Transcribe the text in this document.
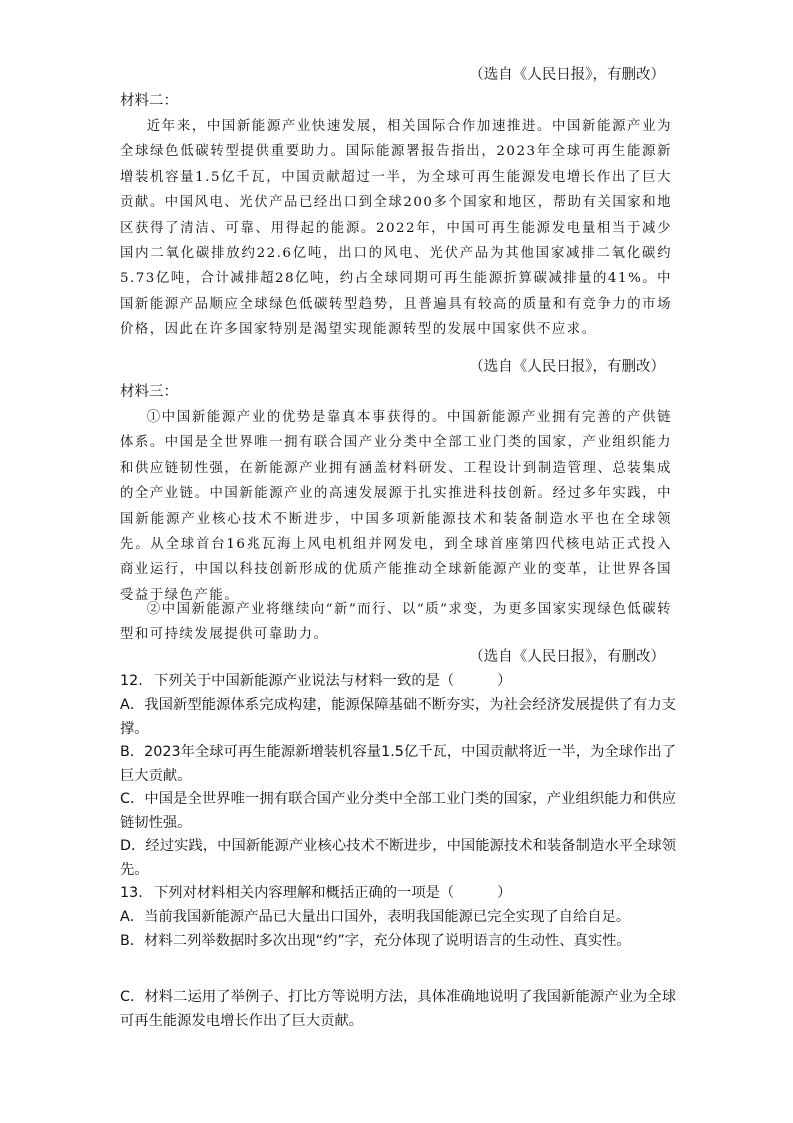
（选自《人民日报》，有删改）
材料二：

近年来，中国新能源产业快速发展，相关国际合作加速推进。中国新能源产业为全球绿色低碳转型提供重要助力。国际能源署报告指出，2023年全球可再生能源新增装机容量1.5亿千瓦，中国贡献超过一半，为全球可再生能源发电增长作出了巨大贡献。中国风电、光伏产品已经出口到全球200多个国家和地区，帮助有关国家和地区获得了清洁、可靠、用得起的能源。2022年，中国可再生能源发电量相当于减少国内二氧化碳排放约22.6亿吨，出口的风电、光伏产品为其他国家减排二氧化碳约5.73亿吨，合计减排超28亿吨，约占全球同期可再生能源折算碳减排量的41%。中国新能源产品顺应全球绿色低碳转型趋势，且普遍具有较高的质量和有竞争力的市场价格，因此在许多国家特别是渴望实现能源转型的发展中国家供不应求。

（选自《人民日报》，有删改）
材料三：

①中国新能源产业的优势是靠真本事获得的。中国新能源产业拥有完善的产供链体系。中国是全世界唯一拥有联合国产业分类中全部工业门类的国家，产业组织能力和供应链韧性强，在新能源产业拥有涵盖材料研发、工程设计到制造管理、总装集成的全产业链。中国新能源产业的高速发展源于扎实推进科技创新。经过多年实践，中国新能源产业核心技术不断进步，中国多项新能源技术和装备制造水平也在全球领先。从全球首台16兆瓦海上风电机组并网发电，到全球首座第四代核电站正式投入商业运行，中国以科技创新形成的优质产能推动全球新能源产业的变革，让世界各国受益于绿色产能。

②中国新能源产业将继续向“新”而行、以“质”求变，为更多国家实现绿色低碳转型和可持续发展提供可靠助力。

（选自《人民日报》，有删改）

12. 下列关于中国新能源产业说法与材料一致的是（　　　）

A．我国新型能源体系完成构建，能源保障基础不断夯实，为社会经济发展提供了有力支撑。

B．2023年全球可再生能源新增装机容量1.5亿千瓦，中国贡献将近一半，为全球作出了巨大贡献。

C．中国是全世界唯一拥有联合国产业分类中全部工业门类的国家，产业组织能力和供应链韧性强。

D．经过实践，中国新能源产业核心技术不断进步，中国能源技术和装备制造水平全球领先。

13. 下列对材料相关内容理解和概括正确的一项是（　　　）

A．当前我国新能源产品已大量出口国外，表明我国能源已完全实现了自给自足。

B．材料二列举数据时多次出现“约”字，充分体现了说明语言的生动性、真实性。

C．材料二运用了举例子、打比方等说明方法，具体准确地说明了我国新能源产业为全球可再生能源发电增长作出了巨大贡献。
